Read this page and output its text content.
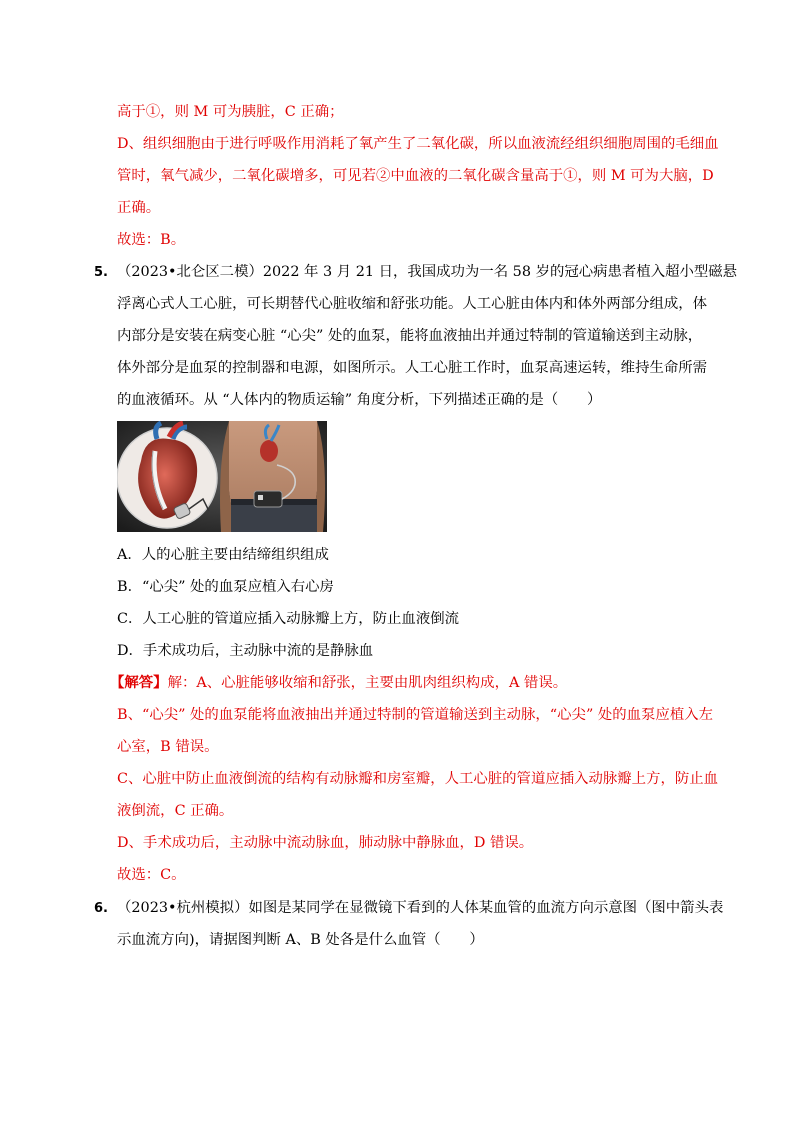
高于①，则 M 可为胰脏，C 正确；
D、组织细胞由于进行呼吸作用消耗了氧产生了二氧化碳，所以血液流经组织细胞周围的毛细血
管时，氧气减少，二氧化碳增多，可见若②中血液的二氧化碳含量高于①，则 M 可为大脑，D
正确。
故选：B。
5. （2023•北仑区二模）2022 年 3 月 21 日，我国成功为一名 58 岁的冠心病患者植入超小型磁悬
浮离心式人工心脏，可长期替代心脏收缩和舒张功能。人工心脏由体内和体外两部分组成，体
内部分是安装在病变心脏 “心尖” 处的血泵，能将血液抽出并通过特制的管道输送到主动脉，
体外部分是血泵的控制器和电源，如图所示。人工心脏工作时，血泵高速运转，维持生命所需
的血液循环。从 “人体内的物质运输” 角度分析，下列描述正确的是（　　）
A．人的心脏主要由结缔组织组成
B．“心尖” 处的血泵应植入右心房
C．人工心脏的管道应插入动脉瓣上方，防止血液倒流
D．手术成功后，主动脉中流的是静脉血
【解答】解：A、心脏能够收缩和舒张，主要由肌肉组织构成，A 错误。
B、“心尖” 处的血泵能将血液抽出并通过特制的管道输送到主动脉，“心尖” 处的血泵应植入左
心室，B 错误。
C、心脏中防止血液倒流的结构有动脉瓣和房室瓣，人工心脏的管道应插入动脉瓣上方，防止血
液倒流，C 正确。
D、手术成功后，主动脉中流动脉血，肺动脉中静脉血，D 错误。
故选：C。
6. （2023•杭州模拟）如图是某同学在显微镜下看到的人体某血管的血流方向示意图（图中箭头表
示血流方向)，请据图判断 A、B 处各是什么血管（　　）
